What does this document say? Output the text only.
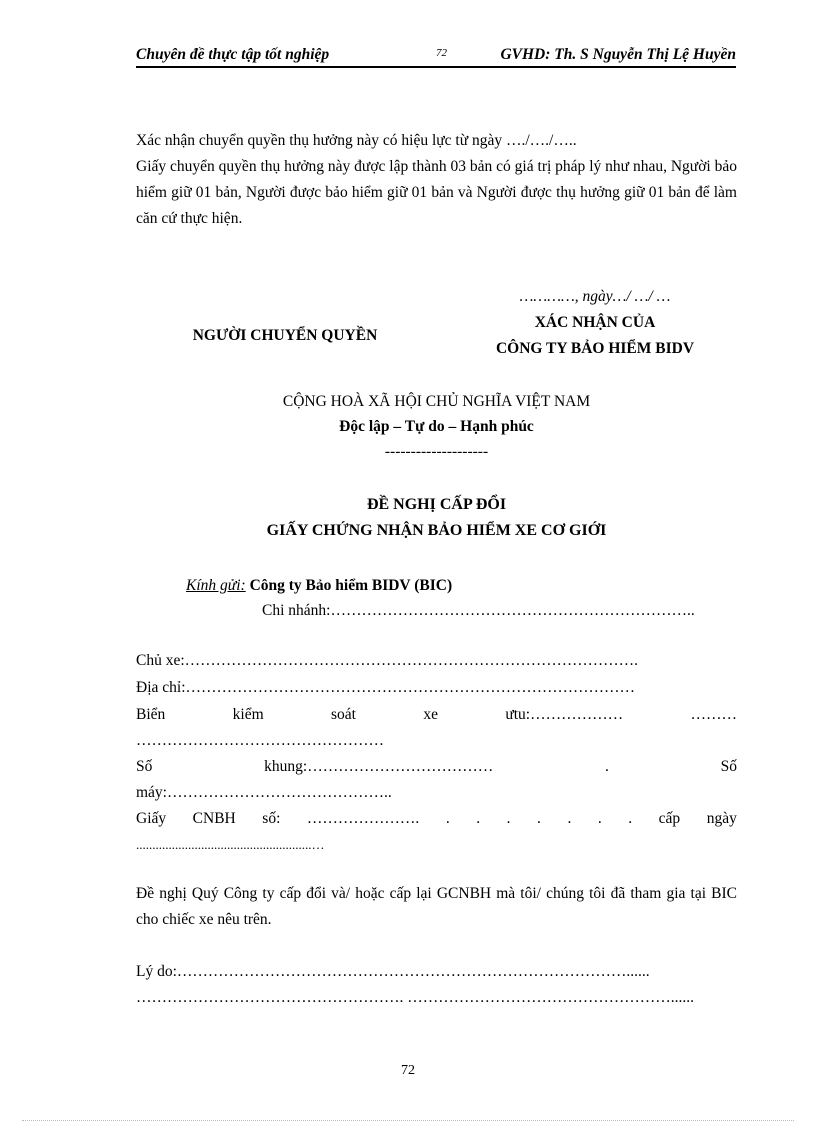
Chuyên đề thực tập tốt nghiệp	72	GVHD: Th. S Nguyễn Thị Lệ Huyền

Xác nhận chuyển quyền thụ hưởng này có hiệu lực từ ngày …./…./…..

Giấy chuyển quyền thụ hưởng này được lập thành 03 bản có giá trị pháp lý như nhau, Người bảo hiểm giữ 01 bản, Người được bảo hiểm giữ 01 bản và Người được thụ hưởng giữ 01 bản để làm căn cứ thực hiện.

…………, ngày…/ …/ …
NGƯỜI CHUYỂN QUYỀN
XÁC NHẬN CỦA
CÔNG TY BẢO HIỂM BIDV
CỘNG HOÀ XÃ HỘI CHỦ NGHĨA VIỆT NAM
Độc lập – Tự do – Hạnh phúc
--------------------
ĐỀ NGHỊ CẤP ĐỔI
GIẤY CHỨNG NHẬN BẢO HIỂM XE CƠ GIỚI
Kính gửi: Công ty Bảo hiểm BIDV (BIC)
Chi nhánh:……………………………………………………………..
Chủ xe:…………………………………………………………………………….
Địa chỉ:……………………………………………………………………………
Biển	kiểm	soát	xe	ưtu:………………	………
…………………………………………
Số	khung:………………………………	.	Số
máy:……………………………………..
Giấy CNBH số: …………………. . . . . . . . cấp ngày
......................................................…

Đề nghị Quý Công ty cấp đổi và/ hoặc cấp lại GCNBH mà tôi/ chúng tôi đã tham gia tại BIC cho chiếc xe nêu trên.

Lý do:……………………………………………………………………………......
……………………………………………. ……………………………………………......
72
